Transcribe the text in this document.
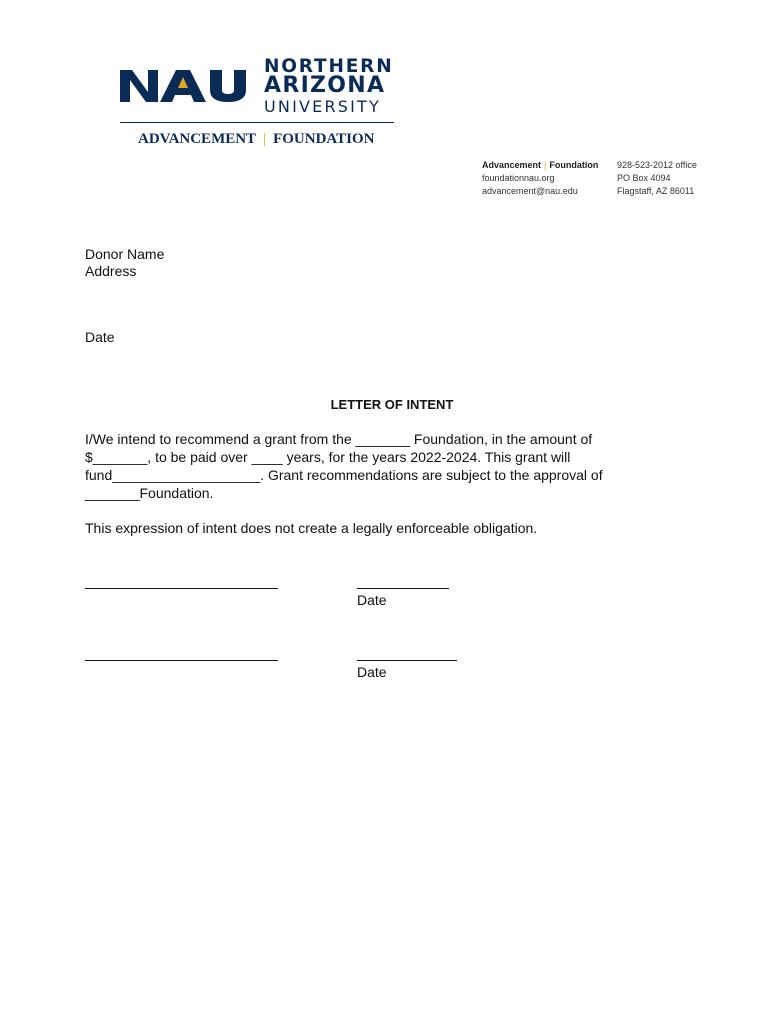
NORTHERN
ARIZONA
UNIVERSITY
ADVANCEMENT | FOUNDATION
Advancement | Foundation
foundationnau.org
advancement@nau.edu
928-523-2012 office
PO Box 4094
Flagstaff, AZ 86011
Donor Name
Address
Date
LETTER OF INTENT
I/We intend to recommend a grant from the _______ Foundation, in the amount of
$_______, to be paid over ____ years, for the years 2022-2024. This grant will
fund___________________. Grant recommendations are subject to the approval of
_______Foundation.
This expression of intent does not create a legally enforceable obligation.
Date
Date
